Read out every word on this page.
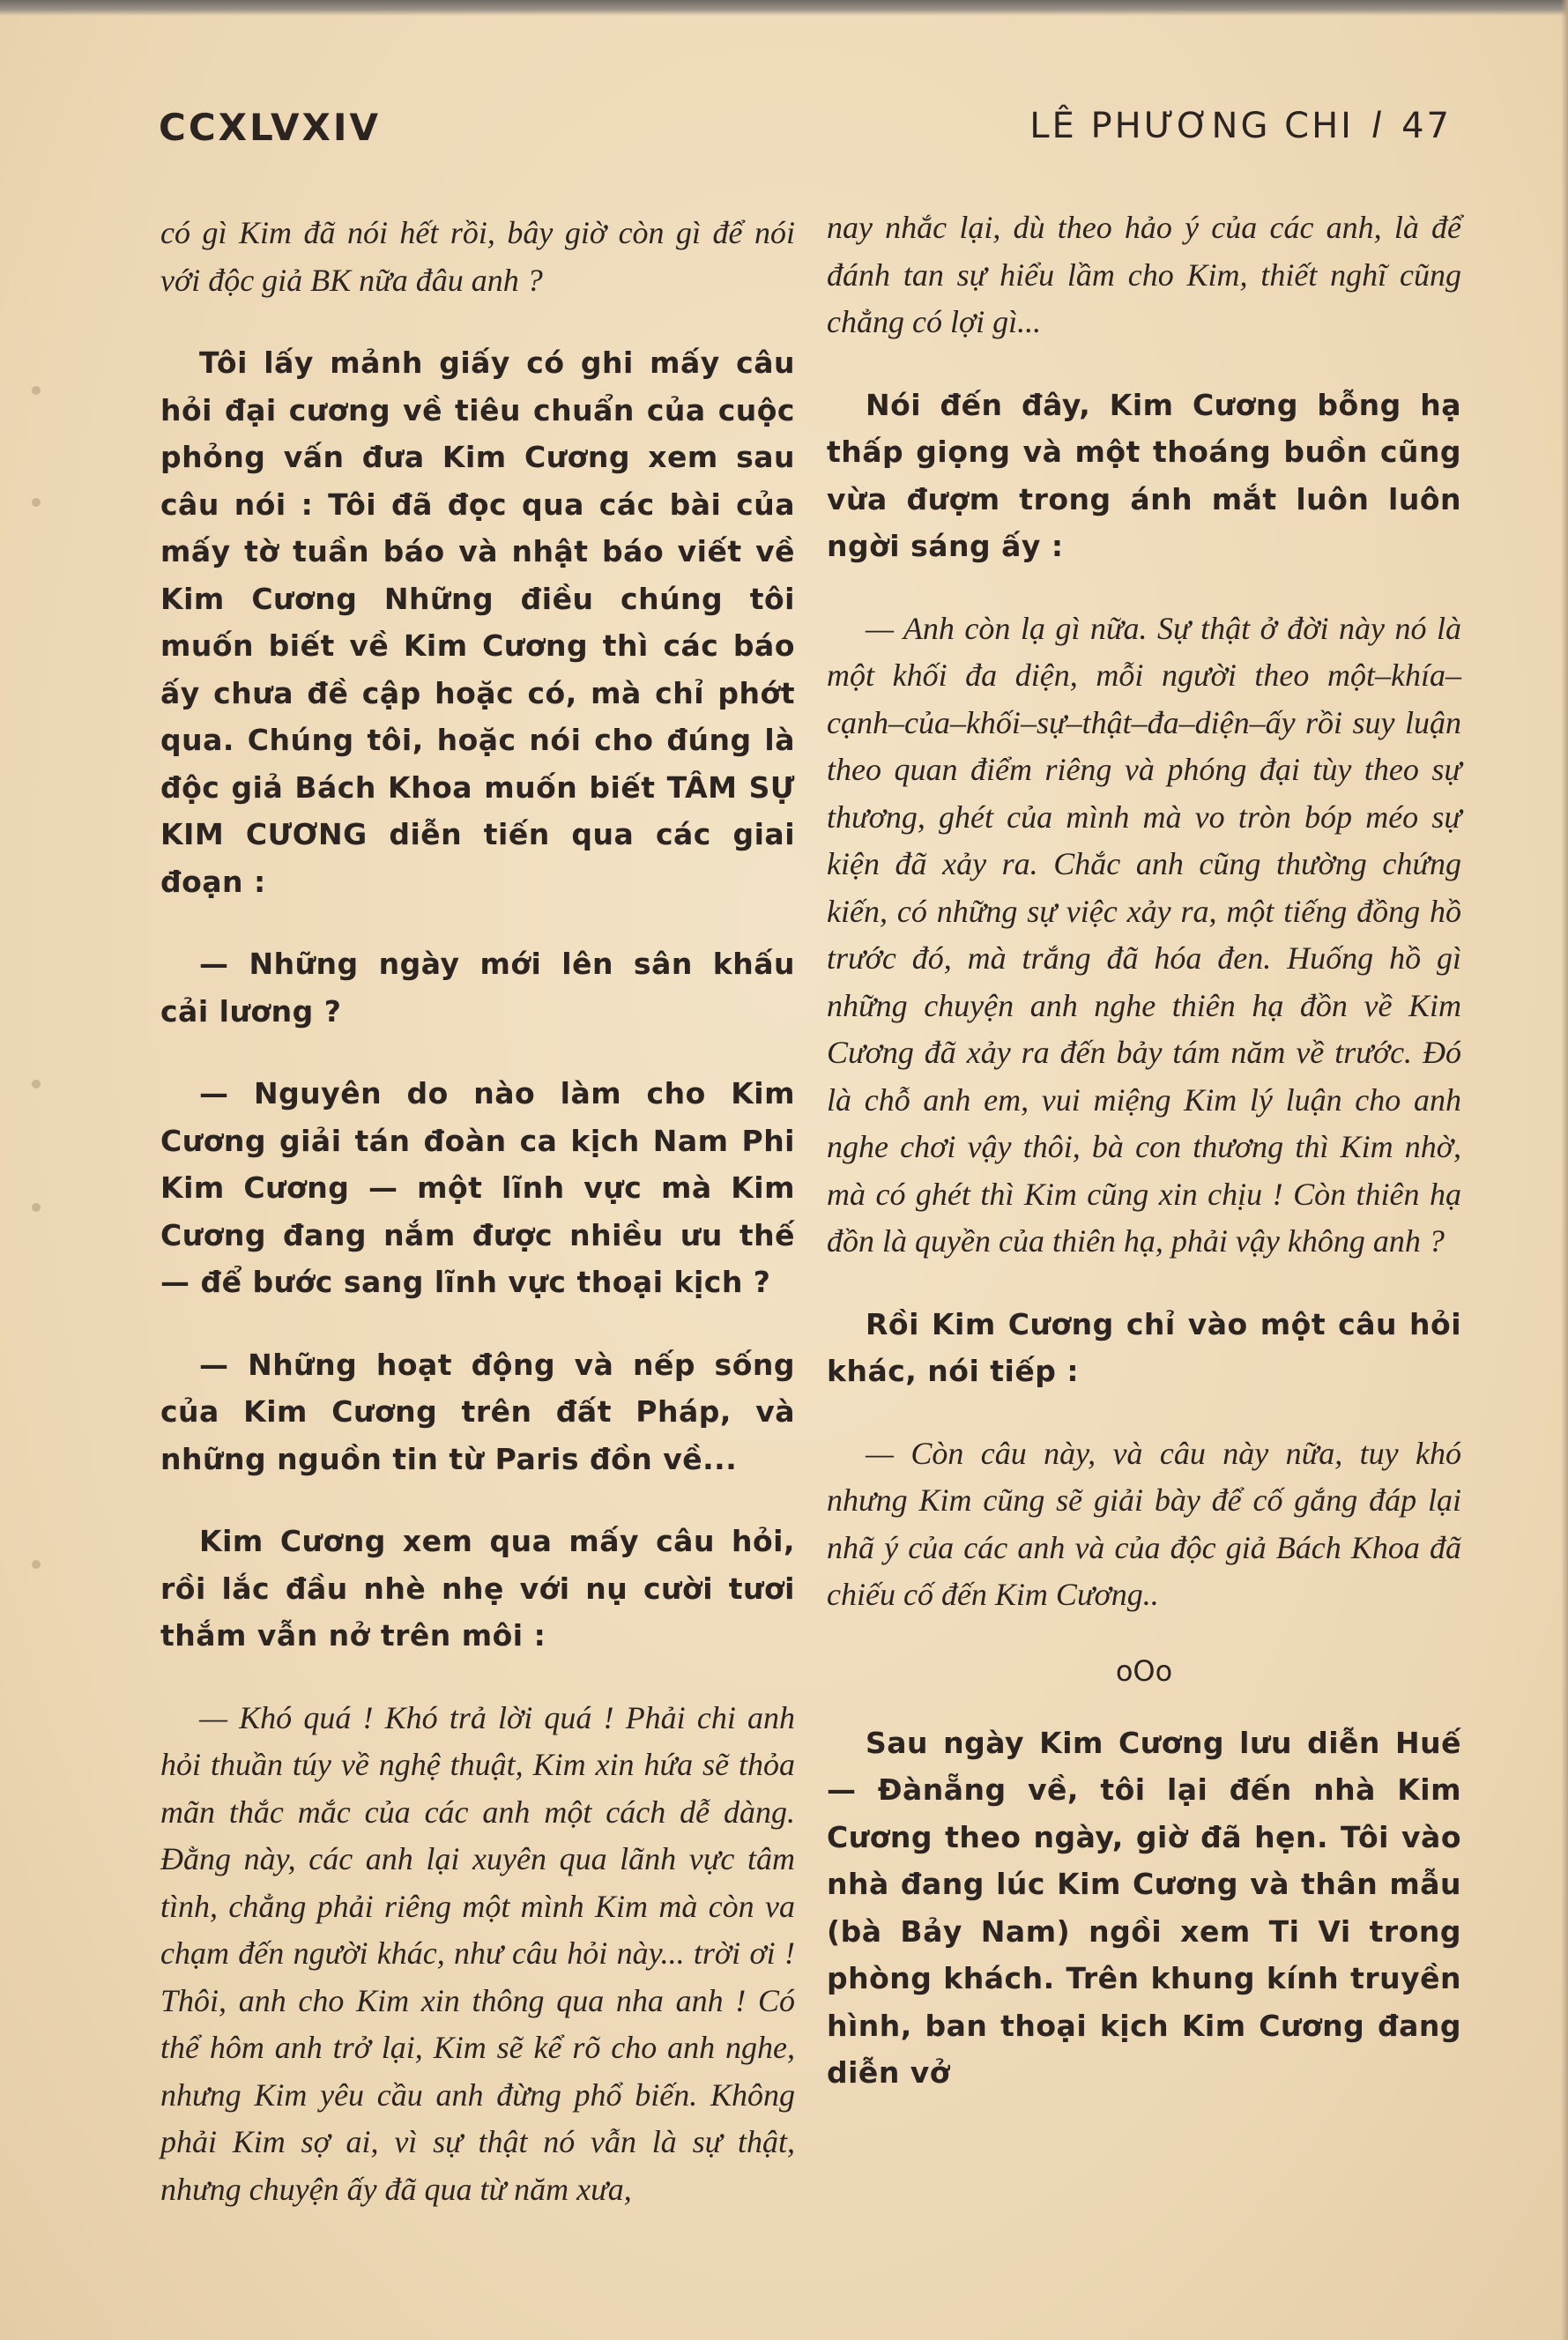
CCXLVXIV	LÊ PHƯƠNG CHI l 47

có gì Kim đã nói hết rồi, bây giờ còn gì để nói với độc giả BK nữa đâu anh ?

Tôi lấy mảnh giấy có ghi mấy câu hỏi đại cương về tiêu chuẩn của cuộc phỏng vấn đưa Kim Cương xem sau câu nói : Tôi đã đọc qua các bài của mấy tờ tuần báo và nhật báo viết về Kim Cương Những điều chúng tôi muốn biết về Kim Cương thì các báo ấy chưa đề cập hoặc có, mà chỉ phớt qua. Chúng tôi, hoặc nói cho đúng là độc giả Bách Khoa muốn biết TÂM SỰ KIM CƯƠNG diễn tiến qua các giai đoạn :

— Những ngày mới lên sân khấu cải lương ?

— Nguyên do nào làm cho Kim Cương giải tán đoàn ca kịch Nam Phi Kim Cương — một lĩnh vực mà Kim Cương đang nắm được nhiều ưu thế — để bước sang lĩnh vực thoại kịch ?

— Những hoạt động và nếp sống của Kim Cương trên đất Pháp, và những nguồn tin từ Paris đồn về...

Kim Cương xem qua mấy câu hỏi, rồi lắc đầu nhè nhẹ với nụ cười tươi thắm vẫn nở trên môi :

— Khó quá ! Khó trả lời quá ! Phải chi anh hỏi thuần túy về nghệ thuật, Kim xin hứa sẽ thỏa mãn thắc mắc của các anh một cách dễ dàng. Đằng này, các anh lại xuyên qua lãnh vực tâm tình, chẳng phải riêng một mình Kim mà còn va chạm đến người khác, như câu hỏi này... trời ơi ! Thôi, anh cho Kim xin thông qua nha anh ! Có thể hôm anh trở lại, Kim sẽ kể rõ cho anh nghe, nhưng Kim yêu cầu anh đừng phổ biến. Không phải Kim sợ ai, vì sự thật nó vẫn là sự thật, nhưng chuyện ấy đã qua từ năm xưa,

nay nhắc lại, dù theo hảo ý của các anh, là để đánh tan sự hiểu lầm cho Kim, thiết nghĩ cũng chẳng có lợi gì...

Nói đến đây, Kim Cương bỗng hạ thấp giọng và một thoáng buồn cũng vừa đượm trong ánh mắt luôn luôn ngời sáng ấy :

— Anh còn lạ gì nữa. Sự thật ở đời này nó là một khối đa diện, mỗi người theo một–khía–cạnh–của–khối–sự–thật–đa–diện–ấy rồi suy luận theo quan điểm riêng và phóng đại tùy theo sự thương, ghét của mình mà vo tròn bóp méo sự kiện đã xảy ra. Chắc anh cũng thường chứng kiến, có những sự việc xảy ra, một tiếng đồng hồ trước đó, mà trắng đã hóa đen. Huống hồ gì những chuyện anh nghe thiên hạ đồn về Kim Cương đã xảy ra đến bảy tám năm về trước. Đó là chỗ anh em, vui miệng Kim lý luận cho anh nghe chơi vậy thôi, bà con thương thì Kim nhờ, mà có ghét thì Kim cũng xin chịu ! Còn thiên hạ đồn là quyền của thiên hạ, phải vậy không anh ?

Rồi Kim Cương chỉ vào một câu hỏi khác, nói tiếp :

— Còn câu này, và câu này nữa, tuy khó nhưng Kim cũng sẽ giải bày để cố gắng đáp lại nhã ý của các anh và của độc giả Bách Khoa đã chiếu cố đến Kim Cương..

oOo

Sau ngày Kim Cương lưu diễn Huế — Đànẵng về, tôi lại đến nhà Kim Cương theo ngày, giờ đã hẹn. Tôi vào nhà đang lúc Kim Cương và thân mẫu (bà Bảy Nam) ngồi xem Ti Vi trong phòng khách. Trên khung kính truyền hình, ban thoại kịch Kim Cương đang diễn vở
